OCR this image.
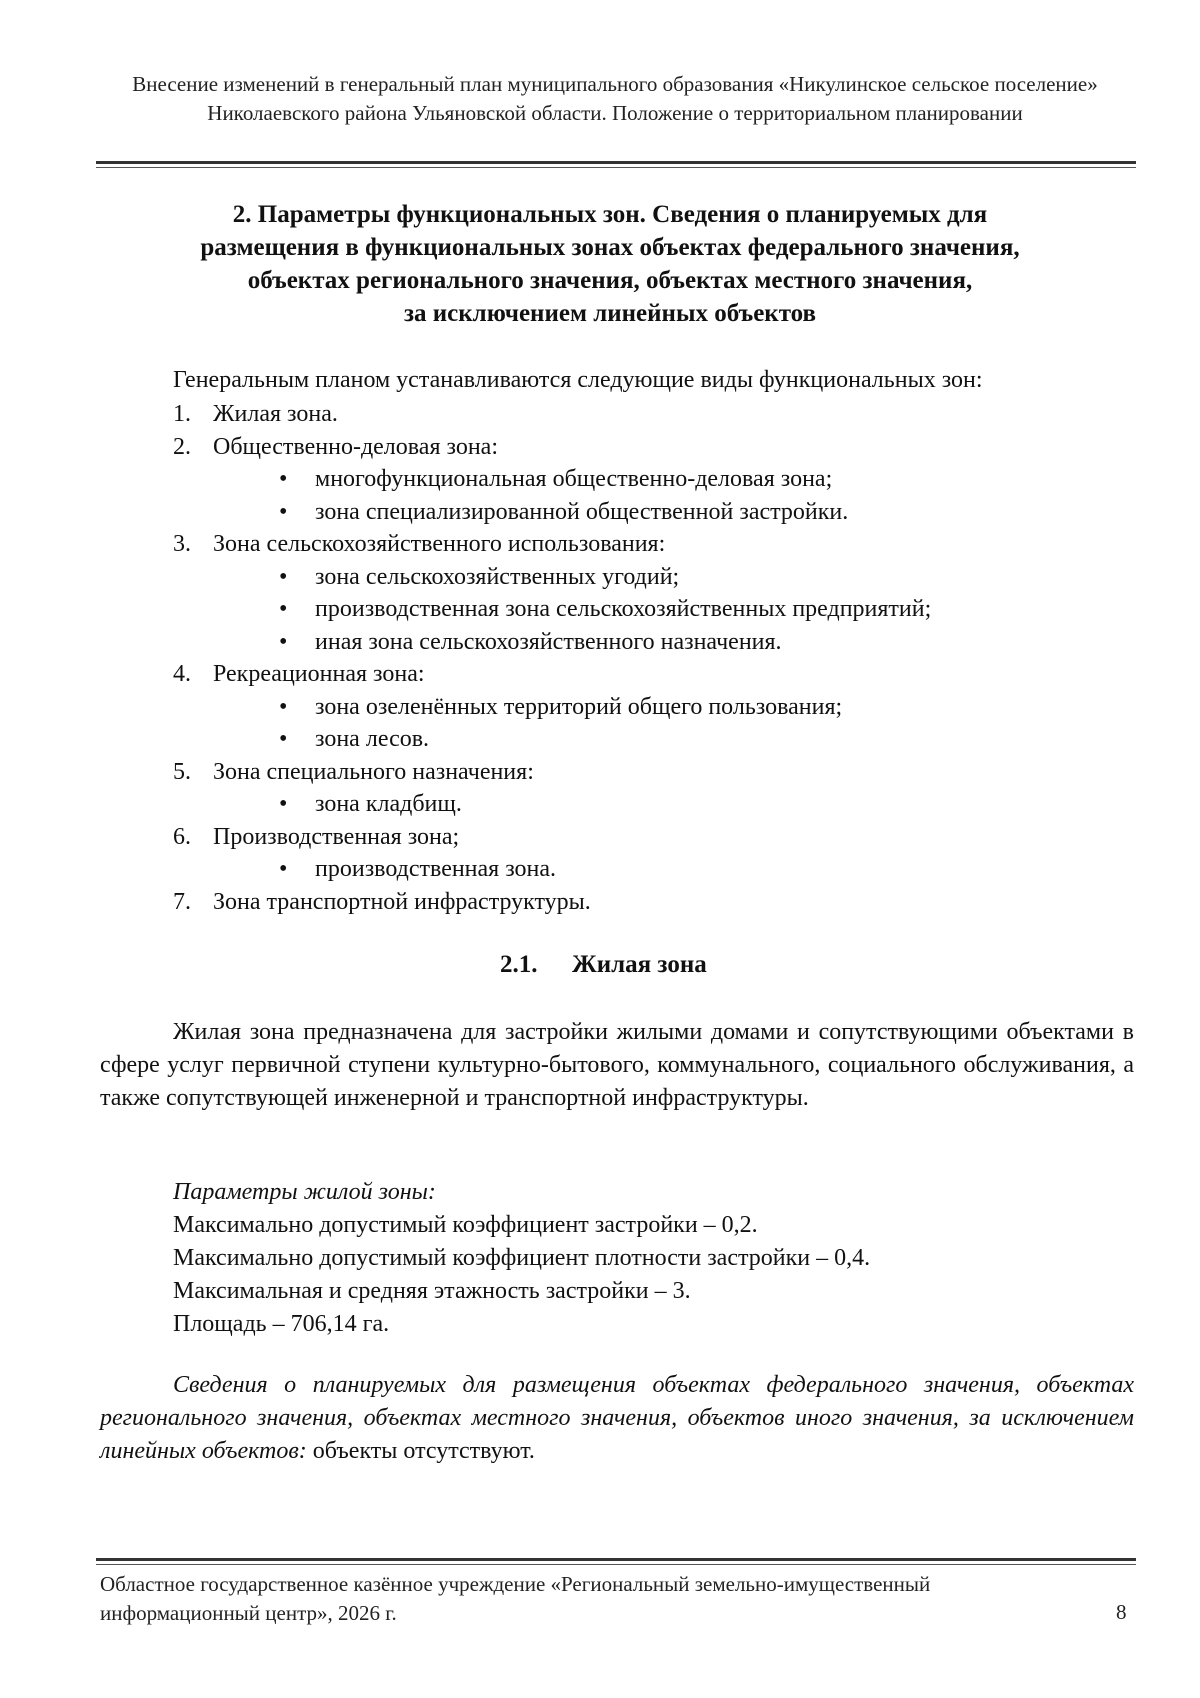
Внесение изменений в генеральный план муниципального образования «Никулинское сельское поселение» Николаевского района Ульяновской области. Положение о территориальном планировании
2. Параметры функциональных зон. Сведения о планируемых для
размещения в функциональных зонах объектах федерального значения,
объектах регионального значения, объектах местного значения,
за исключением линейных объектов
Генеральным планом устанавливаются следующие виды функциональных зон:
1. Жилая зона.
2. Общественно-деловая зона:
• многофункциональная общественно-деловая зона;
• зона специализированной общественной застройки.
3. Зона сельскохозяйственного использования:
• зона сельскохозяйственных угодий;
• производственная зона сельскохозяйственных предприятий;
• иная зона сельскохозяйственного назначения.
4. Рекреационная зона:
• зона озеленённых территорий общего пользования;
• зона лесов.
5. Зона специального назначения:
• зона кладбищ.
6. Производственная зона;
• производственная зона.
7. Зона транспортной инфраструктуры.
2.1. Жилая зона

Жилая зона предназначена для застройки жилыми домами и сопутствующими объектами в сфере услуг первичной ступени культурно-бытового, коммунального, социального обслуживания, а также сопутствующей инженерной и транспортной инфраструктуры.

Параметры жилой зоны:
Максимально допустимый коэффициент застройки – 0,2.
Максимально допустимый коэффициент плотности застройки – 0,4.
Максимальная и средняя этажность застройки – 3.
Площадь – 706,14 га.

Сведения о планируемых для размещения объектах федерального значения, объектах регионального значения, объектах местного значения, объектов иного значения, за исключением линейных объектов: объекты отсутствуют.

Областное государственное казённое учреждение «Региональный земельно-имущественный информационный центр», 2026 г.	8
